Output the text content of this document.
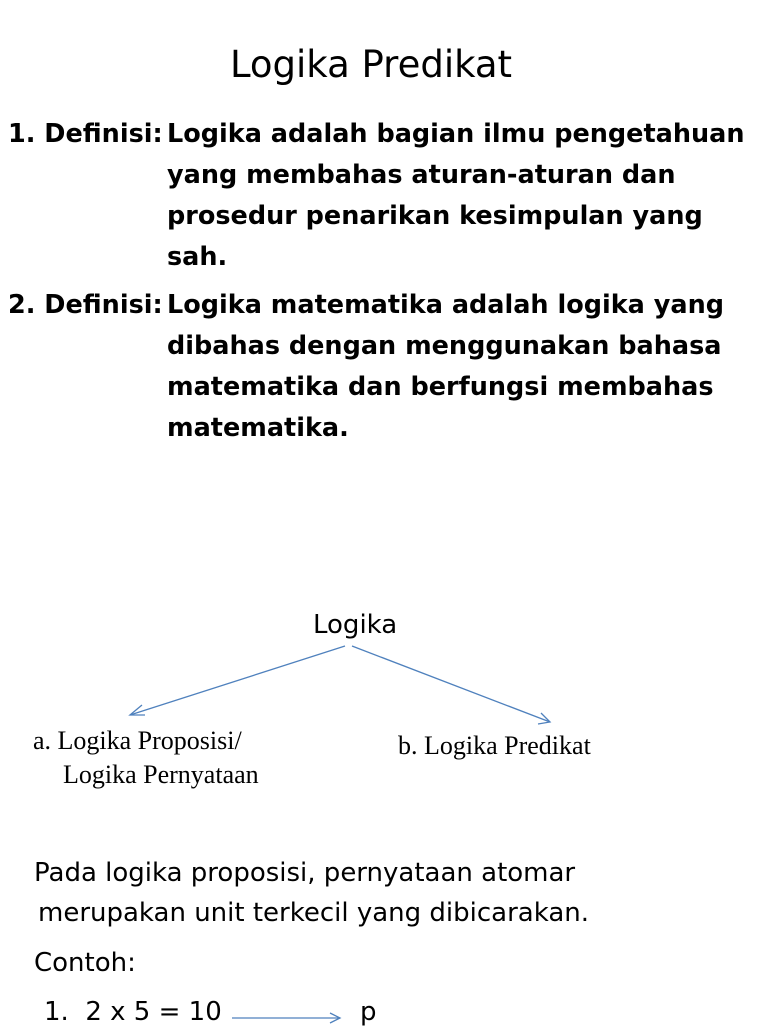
Logika Predikat
1. Definisi: Logika adalah bagian ilmu pengetahuan
yang membahas aturan-aturan dan
prosedur penarikan kesimpulan yang
sah.
2. Definisi: Logika matematika adalah logika yang
dibahas dengan menggunakan bahasa
matematika dan berfungsi membahas
matematika.
Logika
a. Logika Proposisi/
Logika Pernyataan
b. Logika Predikat
Pada logika proposisi, pernyataan atomar
merupakan unit terkecil yang dibicarakan.
Contoh:
1. 2 x 5 = 10	p
